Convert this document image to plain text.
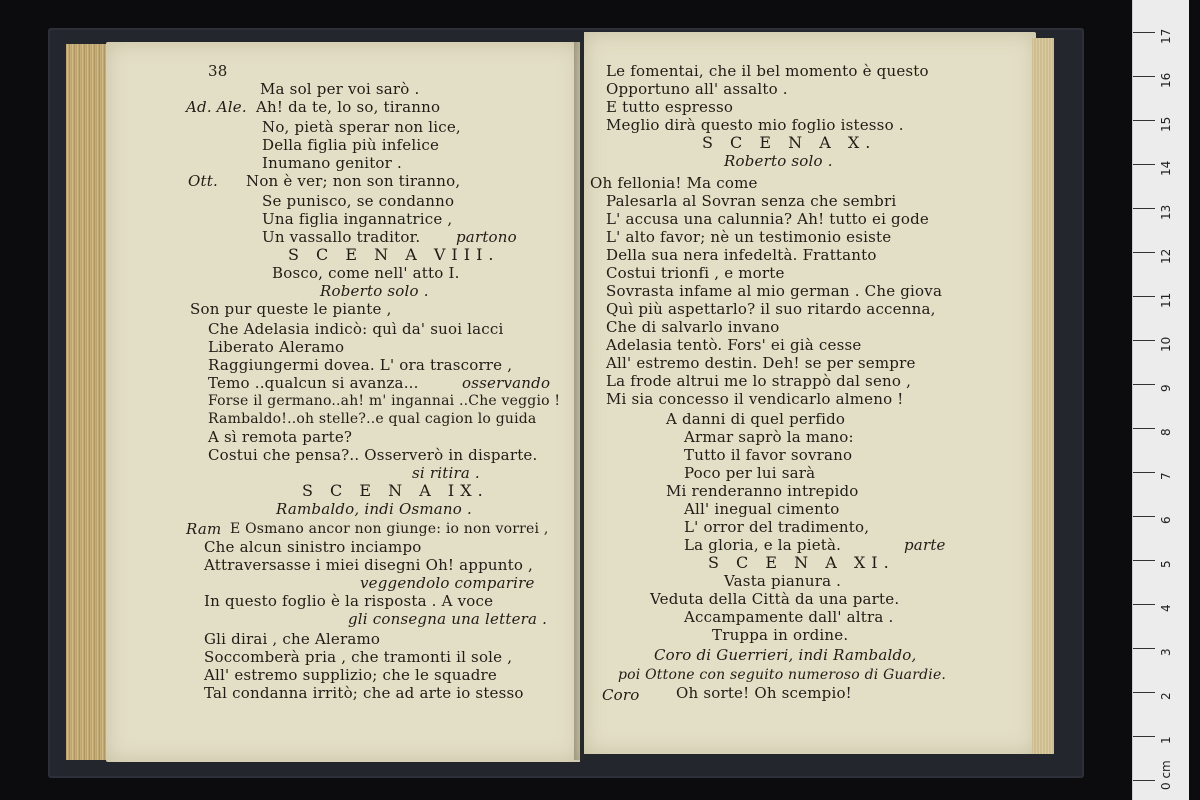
38
Ma sol per voi sarò .
Ad. Ale. Ah! da te, lo so, tiranno
No, pietà sperar non lice,
Della figlia più infelice
Inumano genitor .
Ott. Non è ver; non son tiranno,
Se punisco, se condanno
Una figlia ingannatrice ,
Un vassallo traditor. partono
S C E N A VIII.
Bosco, come nell' atto I.
Roberto solo .
Son pur queste le piante ,
Che Adelasia indicò: quì da' suoi lacci
Liberato Aleramo
Raggiungermi dovea. L' ora trascorre ,
Temo ..qualcun si avanza...	osservando
Forse il germano..ah! m' ingannai ..Che veggio !
Rambaldo!..oh stelle?..e qual cagion lo guida
A sì remota parte?
Costui che pensa?.. Osserverò in disparte.
si ritira .
S C E N A IX.
Rambaldo, indi Osmano .
Ram E Osmano ancor non giunge: io non vorrei ,
Che alcun sinistro inciampo
Attraversasse i miei disegni Oh! appunto ,
veggendolo comparire
In questo foglio è la risposta . A voce
gli consegna una lettera .
Gli dirai , che Aleramo
Soccomberà pria , che tramonti il sole ,
All' estremo supplizio; che le squadre
Tal condanna irritò; che ad arte io stesso
Le fomentai, che il bel momento è questo
Opportuno all' assalto .
E tutto espresso
Meglio dirà questo mio foglio istesso .
S C E N A X.
Roberto solo .
Oh fellonia! Ma come
Palesarla al Sovran senza che sembri
L' accusa una calunnia? Ah! tutto ei gode
L' alto favor; nè un testimonio esiste
Della sua nera infedeltà. Frattanto
Costui trionfi , e morte
Sovrasta infame al mio german . Che giova
Quì più aspettarlo? il suo ritardo accenna,
Che di salvarlo invano
Adelasia tentò. Fors' ei già cesse
All' estremo destin. Deh! se per sempre
La frode altrui me lo strappò dal seno ,
Mi sia concesso il vendicarlo almeno !
A danni di quel perfido
Armar saprò la mano:
Tutto il favor sovrano
Poco per lui sarà
Mi renderanno intrepido
All' inegual cimento
L' orror del tradimento,
La gloria, e la pietà.	parte
S C E N A XI.
Vasta pianura .
Veduta della Città da una parte.
Accampamente dall' altra .
Truppa in ordine.
Coro di Guerrieri, indi Rambaldo,
poi Ottone con seguito numeroso di Guardie.
Coro Oh sorte! Oh scempio!
0 cm
1
2
3
4
5
6
7
8
9
10
11
12
13
14
15
16
17
